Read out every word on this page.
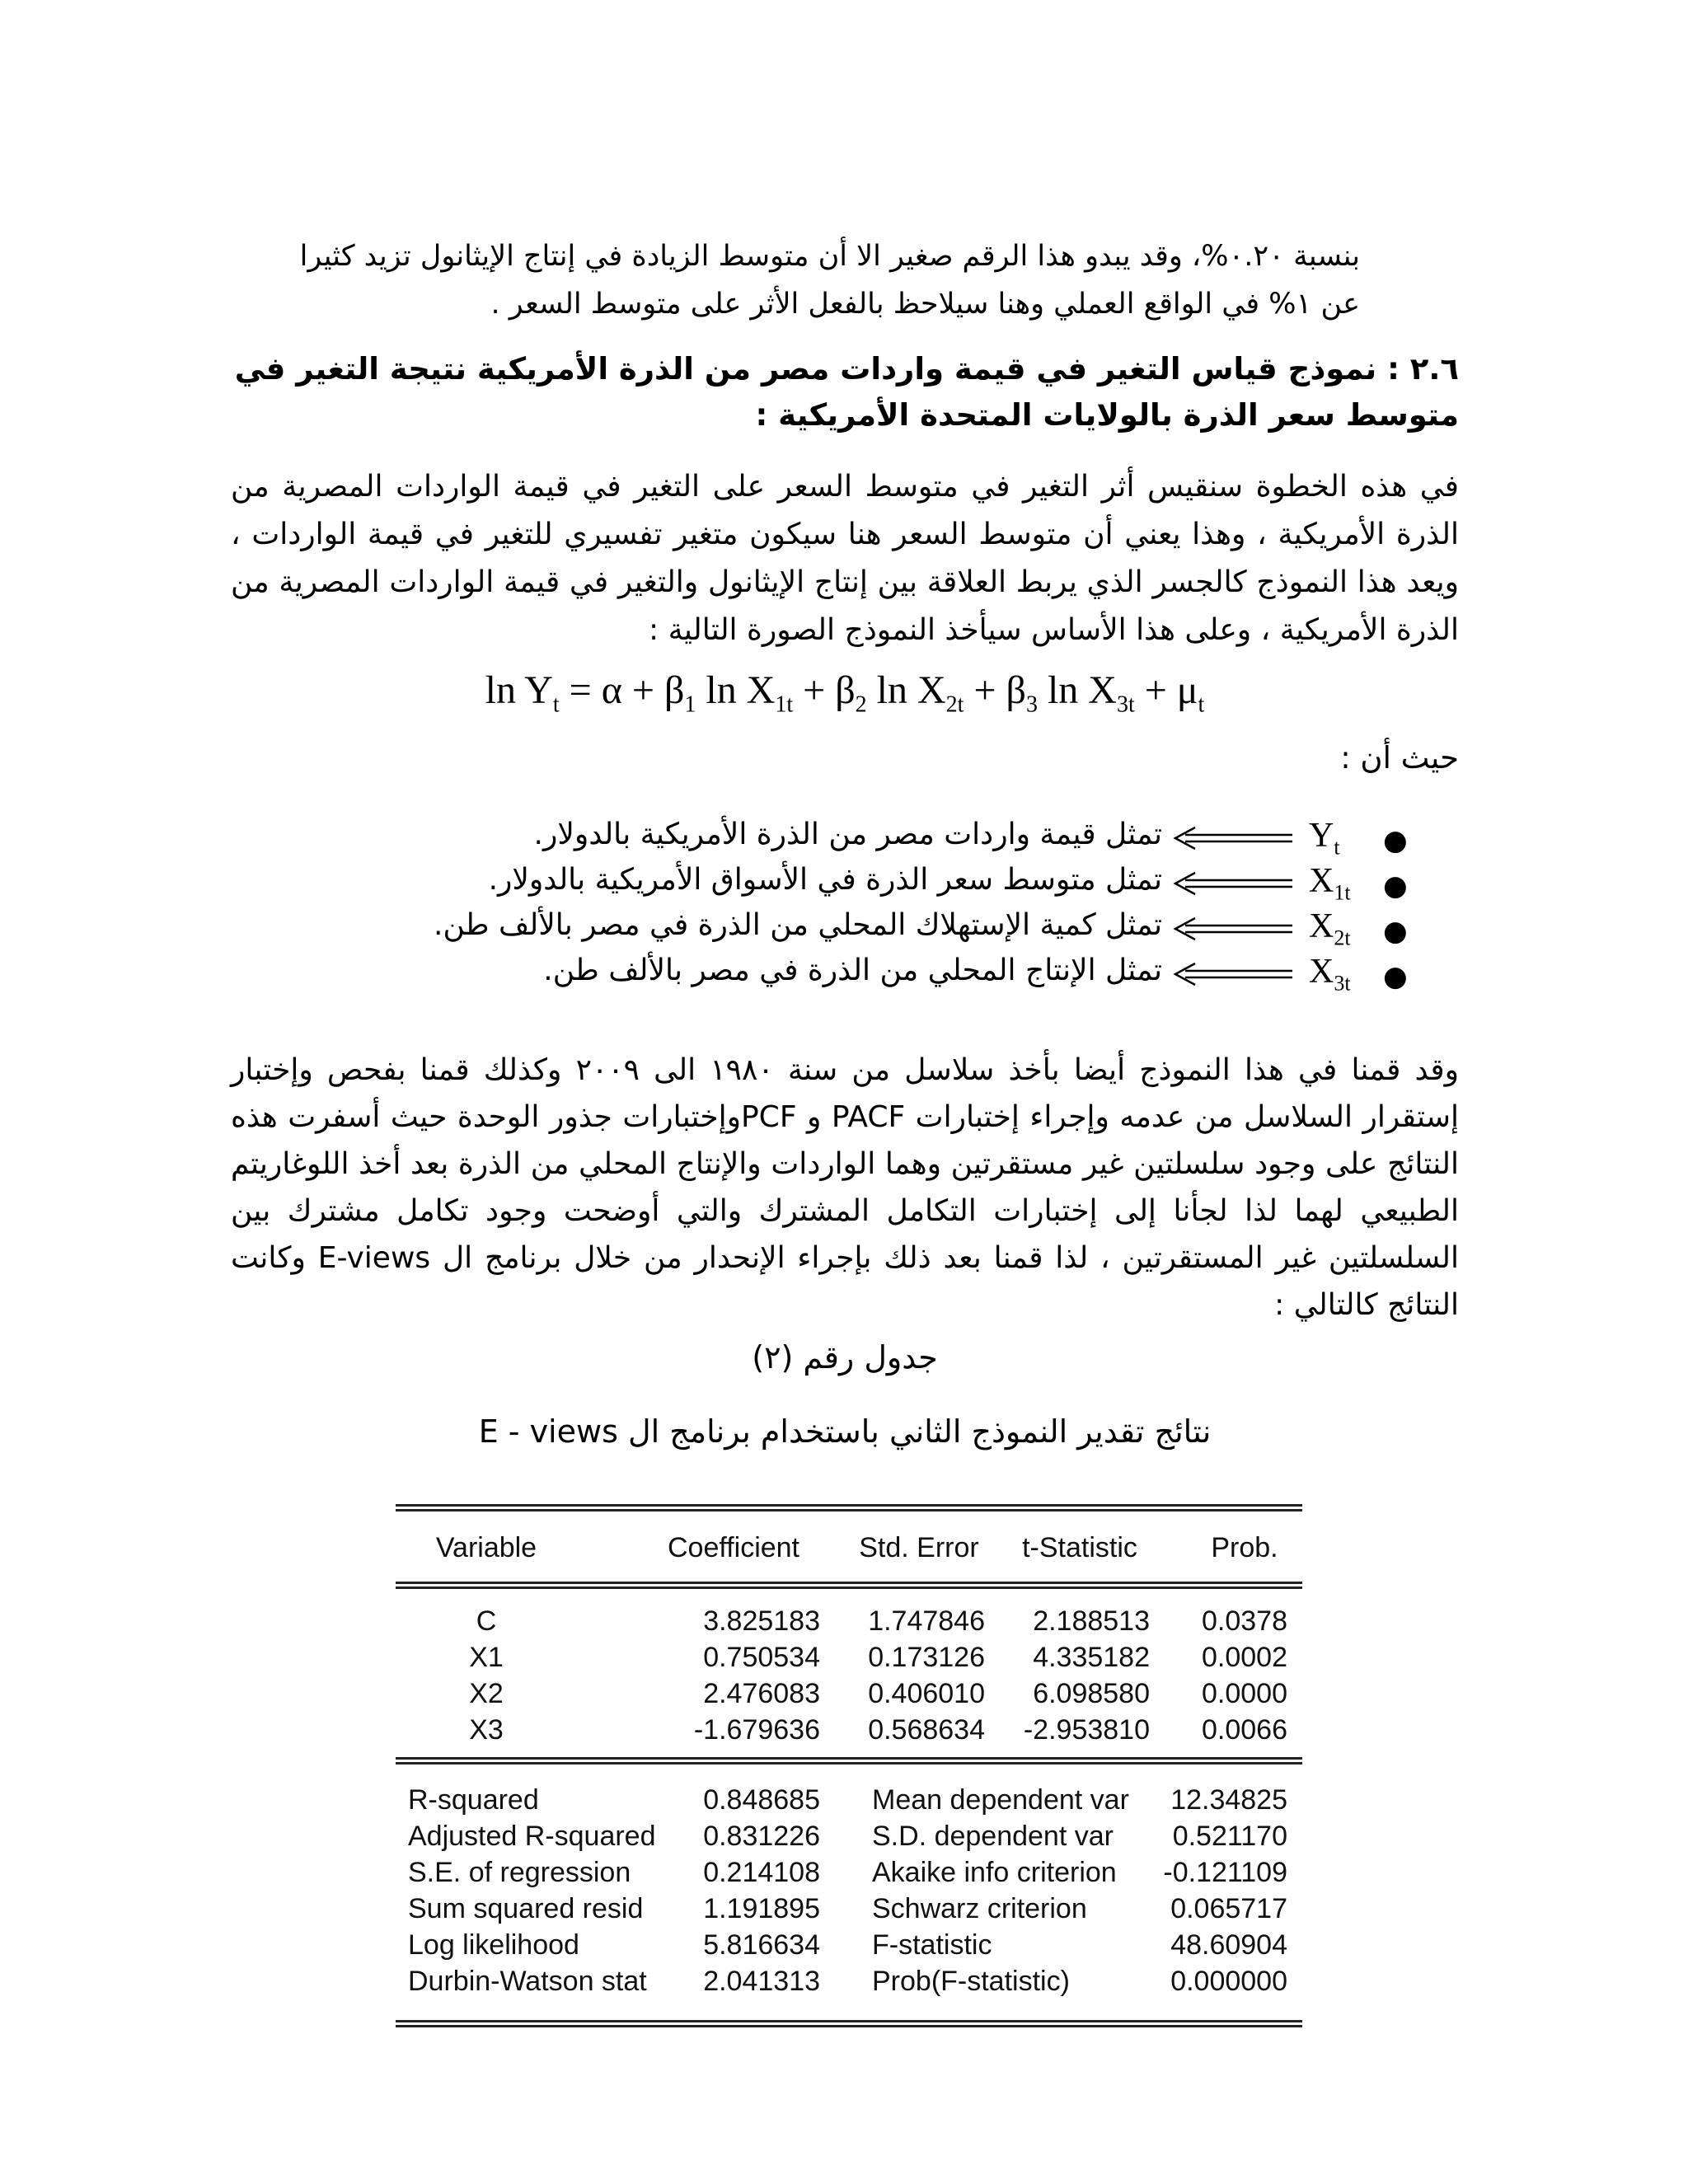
بنسبة ٠.٢٠%، وقد يبدو هذا الرقم صغير الا أن متوسط الزيادة في إنتاج الإيثانول تزيد كثيرا

عن ١% في الواقع العملي وهنا سيلاحظ بالفعل الأثر على متوسط السعر .

٢.٦ : نموذج قياس التغير في قيمة واردات مصر من الذرة الأمريكية نتيجة التغير في متوسط سعر الذرة بالولايات المتحدة الأمريكية :
في هذه الخطوة سنقيس أثر التغير في متوسط السعر على التغير في قيمة الواردات المصرية من الذرة الأمريكية ، وهذا يعني أن متوسط السعر هنا سيكون متغير تفسيري للتغير في قيمة الواردات ، ويعد هذا النموذج كالجسر الذي يربط العلاقة بين إنتاج الإيثانول والتغير في قيمة الواردات المصرية من الذرة الأمريكية ، وعلى هذا الأساس سيأخذ النموذج الصورة التالية :
$\ln Y_t = \alpha + \beta_1$ $\ln X_{1t} + \beta_2$ $\ln X_{2t} + \beta_3$ $\ln X_{3t} + \mu_t$
حيث أن :
●
$Y_t$
تمثل قيمة واردات مصر من الذرة الأمريكية بالدولار.
●
$X_{1t}$
تمثل متوسط سعر الذرة في الأسواق الأمريكية بالدولار.
●
$X_{2t}$
تمثل كمية الإستهلاك المحلي من الذرة في مصر بالألف طن.
●
$X_{3t}$
تمثل الإنتاج المحلي من الذرة في مصر بالألف طن.
وقد قمنا في هذا النموذج أيضا بأخذ سلاسل من سنة ١٩٨٠ الى ٢٠٠٩ وكذلك قمنا بفحص وإختبار إستقرار السلاسل من عدمه وإجراء إختبارات PACF و PCFوإختبارات جذور الوحدة حيث أسفرت هذه النتائج على وجود سلسلتين غير مستقرتين وهما الواردات والإنتاج المحلي من الذرة بعد أخذ اللوغاريتم الطبيعي لهما لذا لجأنا إلى إختبارات التكامل المشترك والتي أوضحت وجود تكامل مشترك بين السلسلتين غير المستقرتين ، لذا قمنا بعد ذلك بإجراء الإنحدار من خلال برنامج ال E-views وكانت النتائج كالتالي :
جدول رقم (٢)
نتائج تقدير النموذج الثاني باستخدام برنامج ال E - views
Variable	Coefficient	Std. Error	t-Statistic	Prob.
C	3.825183	1.747846	2.188513	0.0378
X1	0.750534	0.173126	4.335182	0.0002
X2	2.476083	0.406010	6.098580	0.0000
X3	-1.679636	0.568634	-2.953810	0.0066
R-squared	0.848685 Mean dependent var	12.34825
Adjusted R-squared	0.831226 S.D. dependent var	0.521170
S.E. of regression	0.214108 Akaike info criterion	-0.121109
Sum squared resid	1.191895 Schwarz criterion	0.065717
Log likelihood	5.816634 F-statistic	48.60904
Durbin-Watson stat	2.041313 Prob(F-statistic)	0.000000
